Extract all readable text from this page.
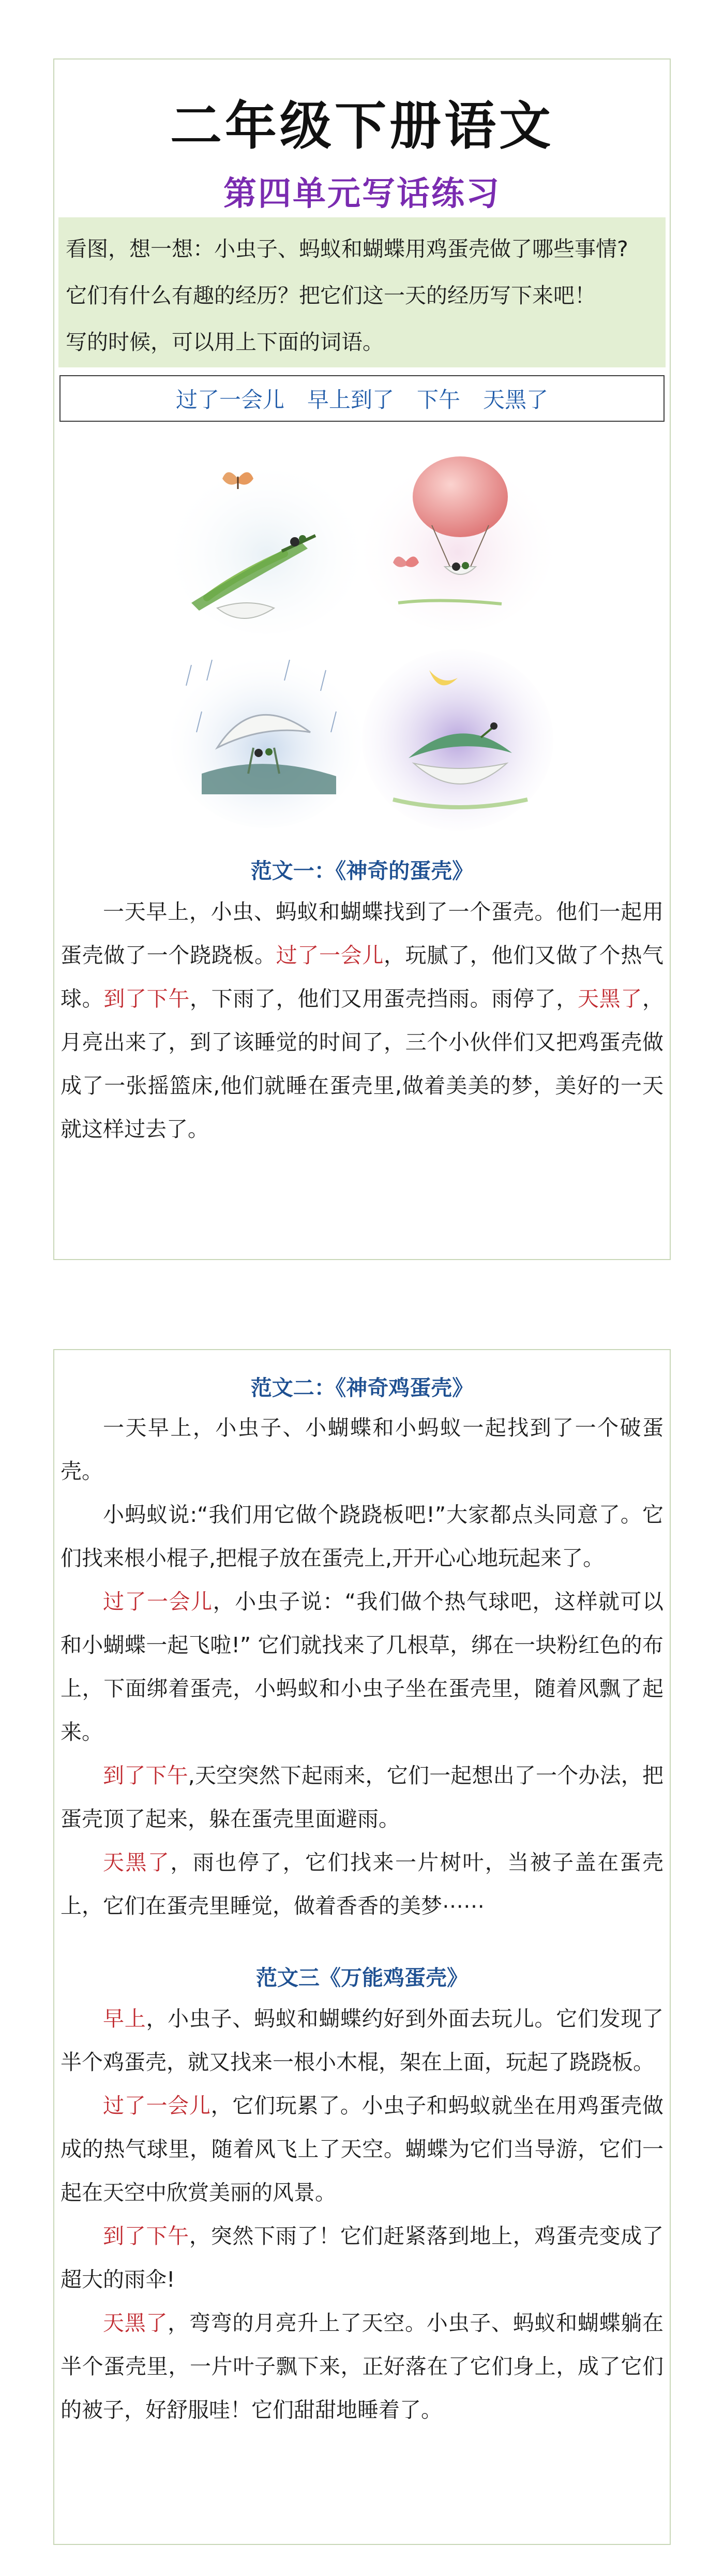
二年级下册语文
第四单元写话练习

看图，想一想：小虫子、蚂蚁和蝴蝶用鸡蛋壳做了哪些事情?

它们有什么有趣的经历？把它们这一天的经历写下来吧！

写的时候，可以用上下面的词语。

过了一会儿 早上到了 下午 天黑了
范文一：《神奇的蛋壳》

一天早上，小虫、蚂蚁和蝴蝶找到了一个蛋壳。他们一起用蛋壳做了一个跷跷板。过了一会儿，玩腻了，他们又做了个热气球。到了下午，下雨了，他们又用蛋壳挡雨。雨停了，天黑了，月亮出来了，到了该睡觉的时间了，三个小伙伴们又把鸡蛋壳做成了一张摇篮床,他们就睡在蛋壳里,做着美美的梦，美好的一天就这样过去了。

范文二：《神奇鸡蛋壳》

一天早上，小虫子、小蝴蝶和小蚂蚁一起找到了一个破蛋壳。

小蚂蚁说:“我们用它做个跷跷板吧!”大家都点头同意了。它们找来根小棍子,把棍子放在蛋壳上,开开心心地玩起来了。

过了一会儿，小虫子说：“我们做个热气球吧，这样就可以和小蝴蝶一起飞啦!” 它们就找来了几根草，绑在一块粉红色的布上，下面绑着蛋壳，小蚂蚁和小虫子坐在蛋壳里，随着风飘了起来。

到了下午,天空突然下起雨来，它们一起想出了一个办法，把蛋壳顶了起来，躲在蛋壳里面避雨。

天黑了，雨也停了，它们找来一片树叶，当被子盖在蛋壳上，它们在蛋壳里睡觉，做着香香的美梦⋯⋯

范文三《万能鸡蛋壳》

早上，小虫子、蚂蚁和蝴蝶约好到外面去玩儿。它们发现了半个鸡蛋壳，就又找来一根小木棍，架在上面，玩起了跷跷板。

过了一会儿，它们玩累了。小虫子和蚂蚁就坐在用鸡蛋壳做成的热气球里，随着风飞上了天空。蝴蝶为它们当导游，它们一起在天空中欣赏美丽的风景。

到了下午，突然下雨了！它们赶紧落到地上，鸡蛋壳变成了超大的雨伞!

天黑了，弯弯的月亮升上了天空。小虫子、蚂蚁和蝴蝶躺在半个蛋壳里，一片叶子飘下来，正好落在了它们身上，成了它们的被子，好舒服哇！它们甜甜地睡着了。
